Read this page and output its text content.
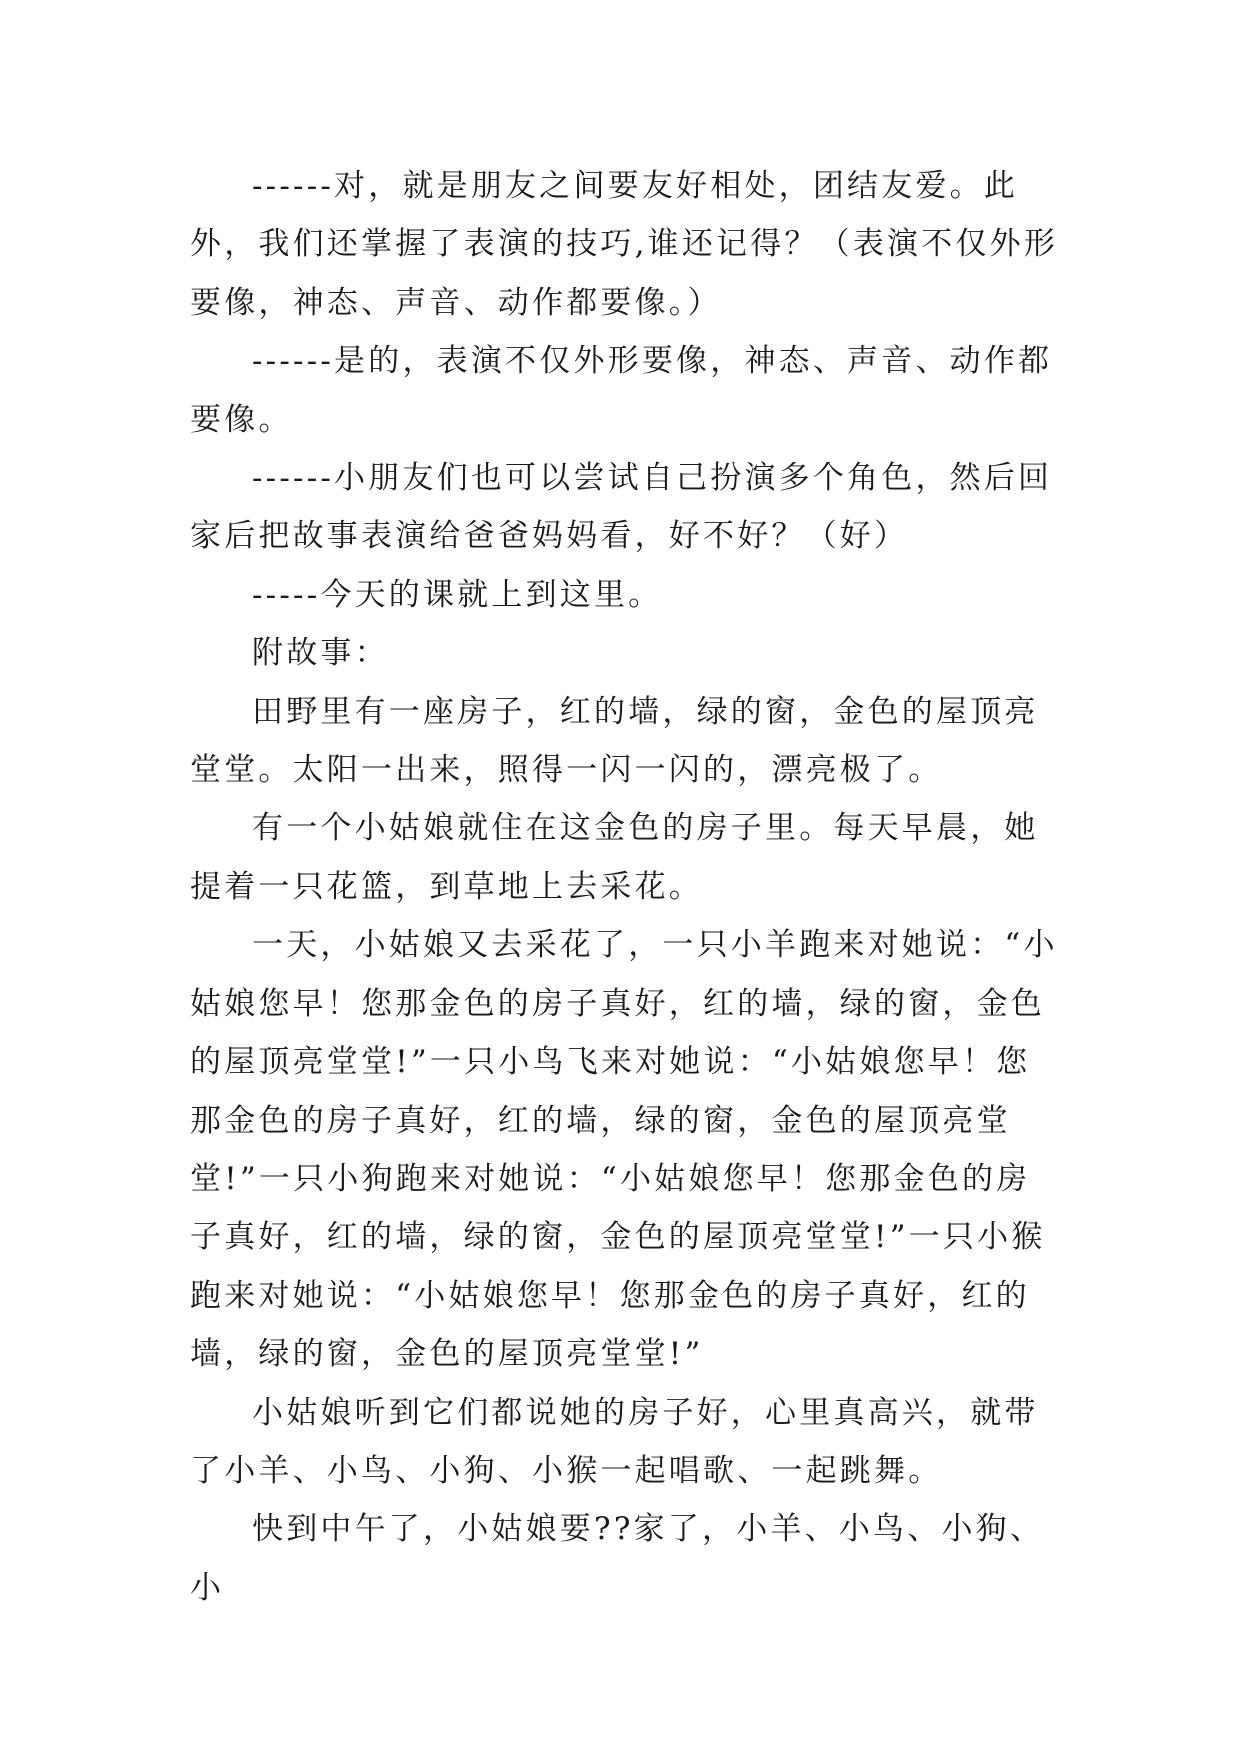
------对，就是朋友之间要友好相处，团结友爱。此外，我们还掌握了表演的技巧,谁还记得？（表演不仅外形要像，神态、声音、动作都要像。）

------是的，表演不仅外形要像，神态、声音、动作都要像。

------小朋友们也可以尝试自己扮演多个角色，然后回家后把故事表演给爸爸妈妈看，好不好？（好）

-----今天的课就上到这里。

附故事：

田野里有一座房子，红的墙，绿的窗，金色的屋顶亮堂堂。太阳一出来，照得一闪一闪的，漂亮极了。

有一个小姑娘就住在这金色的房子里。每天早晨，她提着一只花篮，到草地上去采花。

一天，小姑娘又去采花了，一只小羊跑来对她说：“小姑娘您早！您那金色的房子真好，红的墙，绿的窗，金色的屋顶亮堂堂!”一只小鸟飞来对她说：“小姑娘您早！您那金色的房子真好，红的墙，绿的窗，金色的屋顶亮堂堂!”一只小狗跑来对她说：“小姑娘您早！您那金色的房子真好，红的墙，绿的窗，金色的屋顶亮堂堂!”一只小猴跑来对她说：“小姑娘您早！您那金色的房子真好，红的墙，绿的窗，金色的屋顶亮堂堂!”

小姑娘听到它们都说她的房子好，心里真高兴，就带了小羊、小鸟、小狗、小猴一起唱歌、一起跳舞。

快到中午了，小姑娘要??家了，小羊、小鸟、小狗、小
